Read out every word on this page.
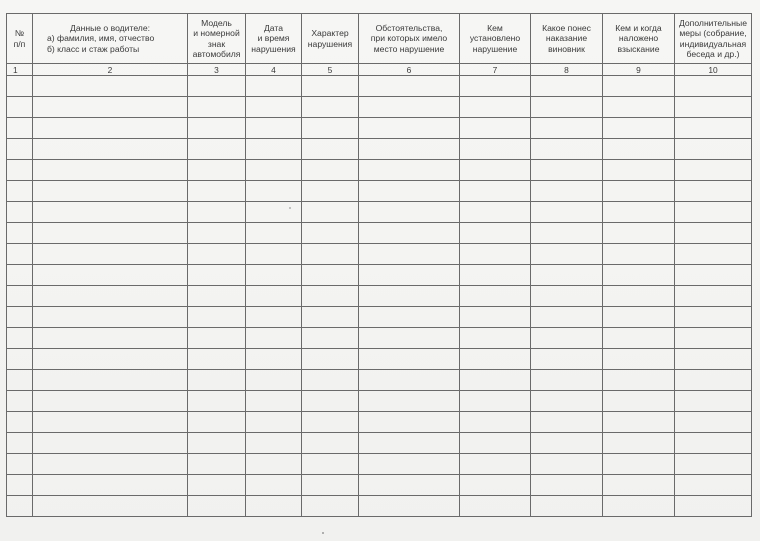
№
п/п	Данные о водителе:
а) фамилия, имя, отчество
б) класс и стаж работы	Модель
и номерной
знак
автомобиля	Дата
и время
нарушения	Характер
нарушения	Обстоятельства,
при которых имело
место нарушение	Кем
установлено
нарушение	Какое понес
наказание
виновник	Кем и когда
наложено
взыскание	Дополнительные
меры (собрание,
индивидуальная
беседа и др.)

1	2	3	4	5	6	7	8	9	10
